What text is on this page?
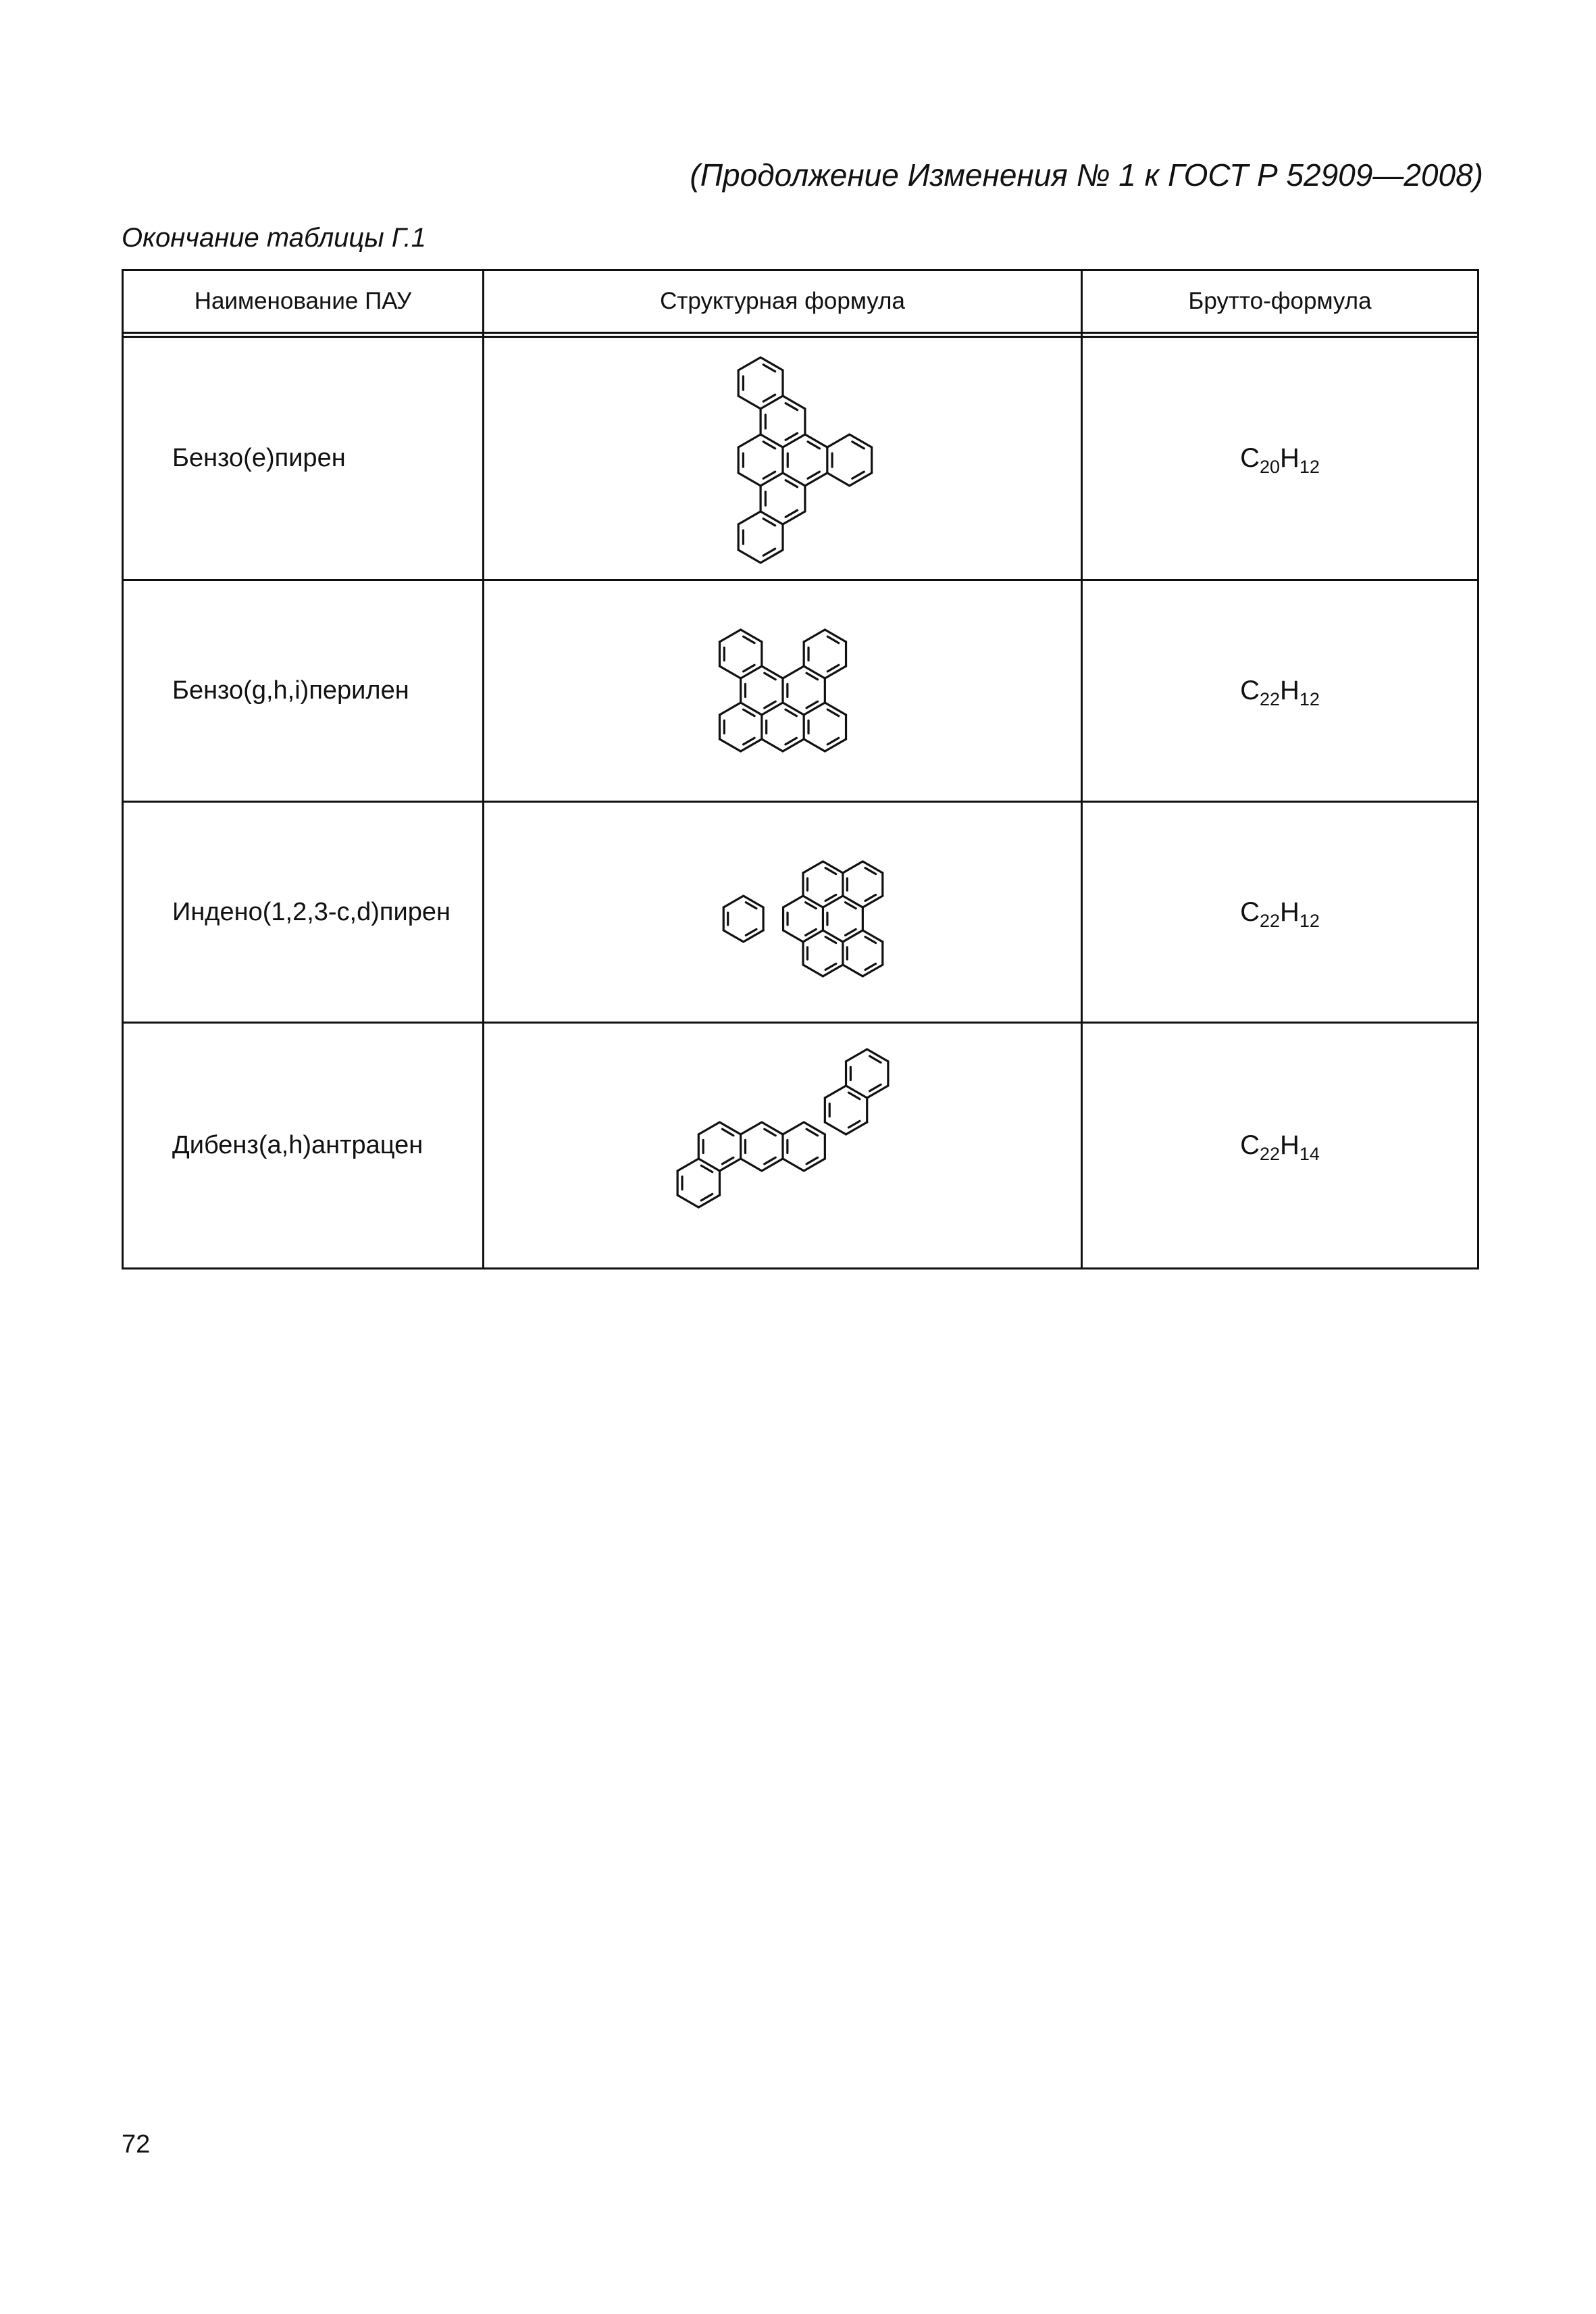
(Продолжение Изменения № 1 к ГОСТ Р 52909—2008)
Окончание таблицы Г.1
Наименование ПАУ	Структурная формула	Брутто-формула

Бензо(е)пирен		$C_{20}H_{12}$
Бензо(g,h,i)перилен		$C_{22}H_{12}$
Индено(1,2,3-c,d)пирен		$C_{22}H_{12}$
Дибенз(a,h)антрацен		$C_{22}H_{14}$
72
